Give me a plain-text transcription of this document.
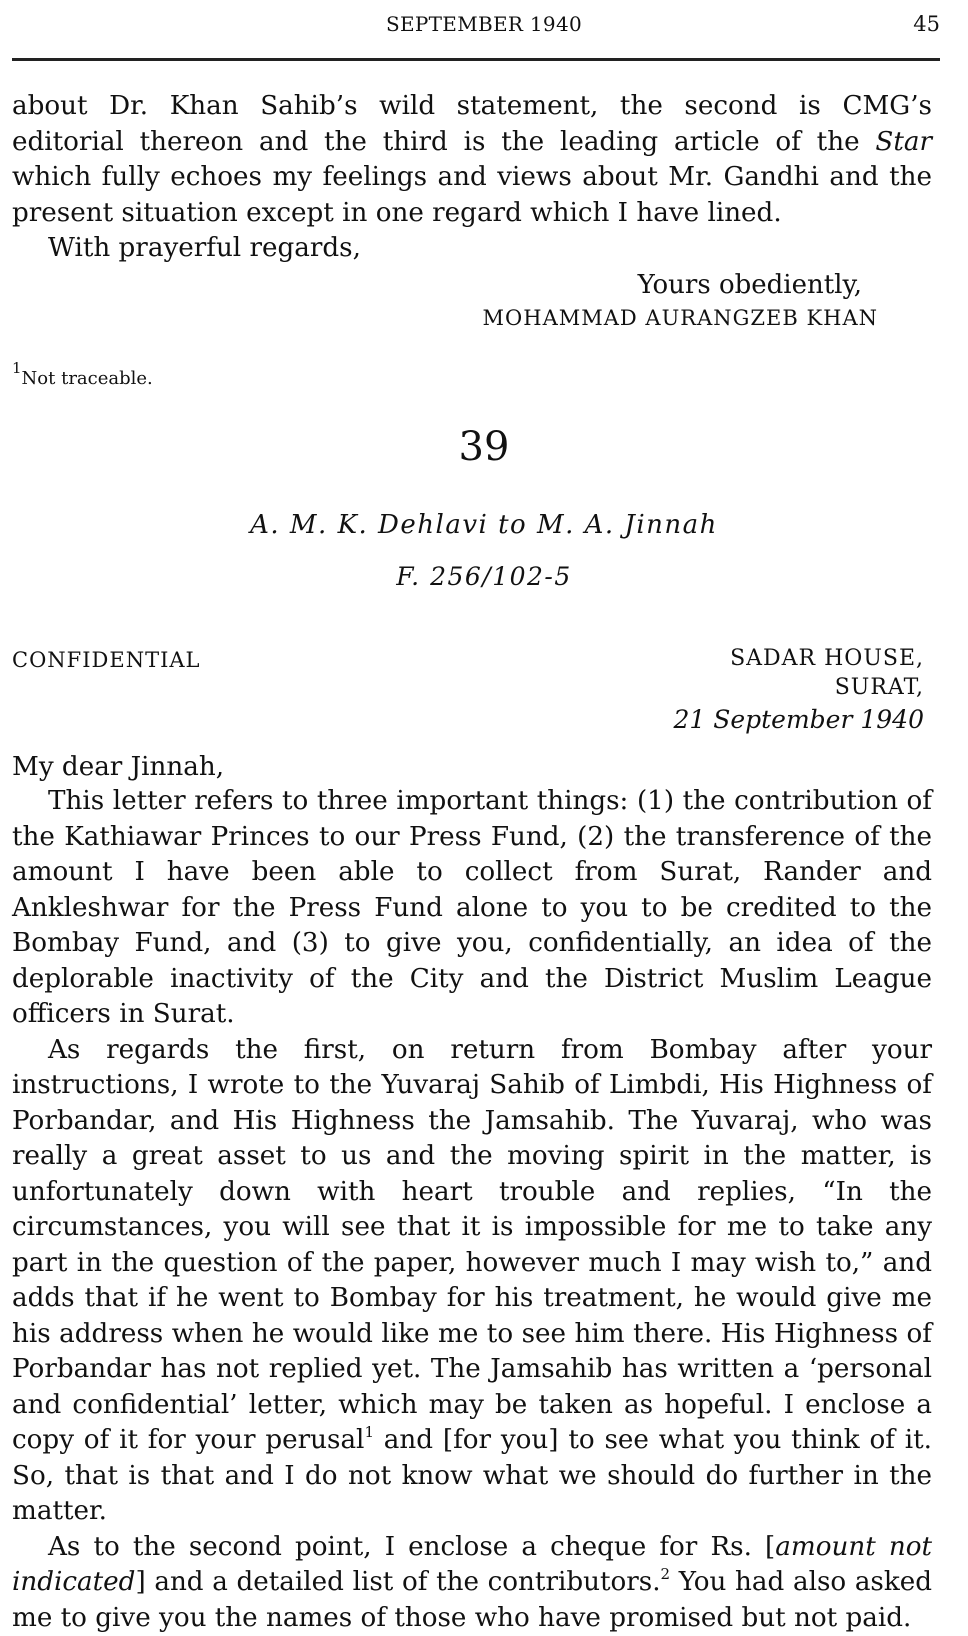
SEPTEMBER 1940	45

about Dr. Khan Sahib’s wild statement, the second is CMG’s editorial thereon and the third is the leading article of the Star which fully echoes my feelings and views about Mr. Gandhi and the present situation except in one regard which I have lined.

With prayerful regards,

Yours obediently,
MOHAMMAD AURANGZEB KHAN
$^1$Not traceable.
39
A. M. K. Dehlavi to M. A. Jinnah
F. 256/102-5
CONFIDENTIAL	SADAR HOUSE,
SURAT,
21 September 1940
My dear Jinnah,

This letter refers to three important things: (1) the contribution of the Kathiawar Princes to our Press Fund, (2) the transference of the amount I have been able to collect from Surat, Rander and Ankleshwar for the Press Fund alone to you to be credited to the Bombay Fund, and (3) to give you, confidentially, an idea of the deplorable inactivity of the City and the District Muslim League officers in Surat.

As regards the first, on return from Bombay after your instructions, I wrote to the Yuvaraj Sahib of Limbdi, His Highness of Porbandar, and His Highness the Jamsahib. The Yuvaraj, who was really a great asset to us and the moving spirit in the matter, is unfortunately down with heart trouble and replies, “In the circumstances, you will see that it is impossible for me to take any part in the question of the paper, however much I may wish to,” and adds that if he went to Bombay for his treatment, he would give me his address when he would like me to see him there. His Highness of Porbandar has not replied yet. The Jamsahib has written a ‘personal and confidential’ letter, which may be taken as hopeful. I enclose a copy of it for your perusal$^1$ and [for you] to see what you think of it. So, that is that and I do not know what we should do further in the matter.

As to the second point, I enclose a cheque for Rs. [amount not indicated] and a detailed list of the contributors.$^2$ You had also asked me to give you the names of those who have promised but not paid.
